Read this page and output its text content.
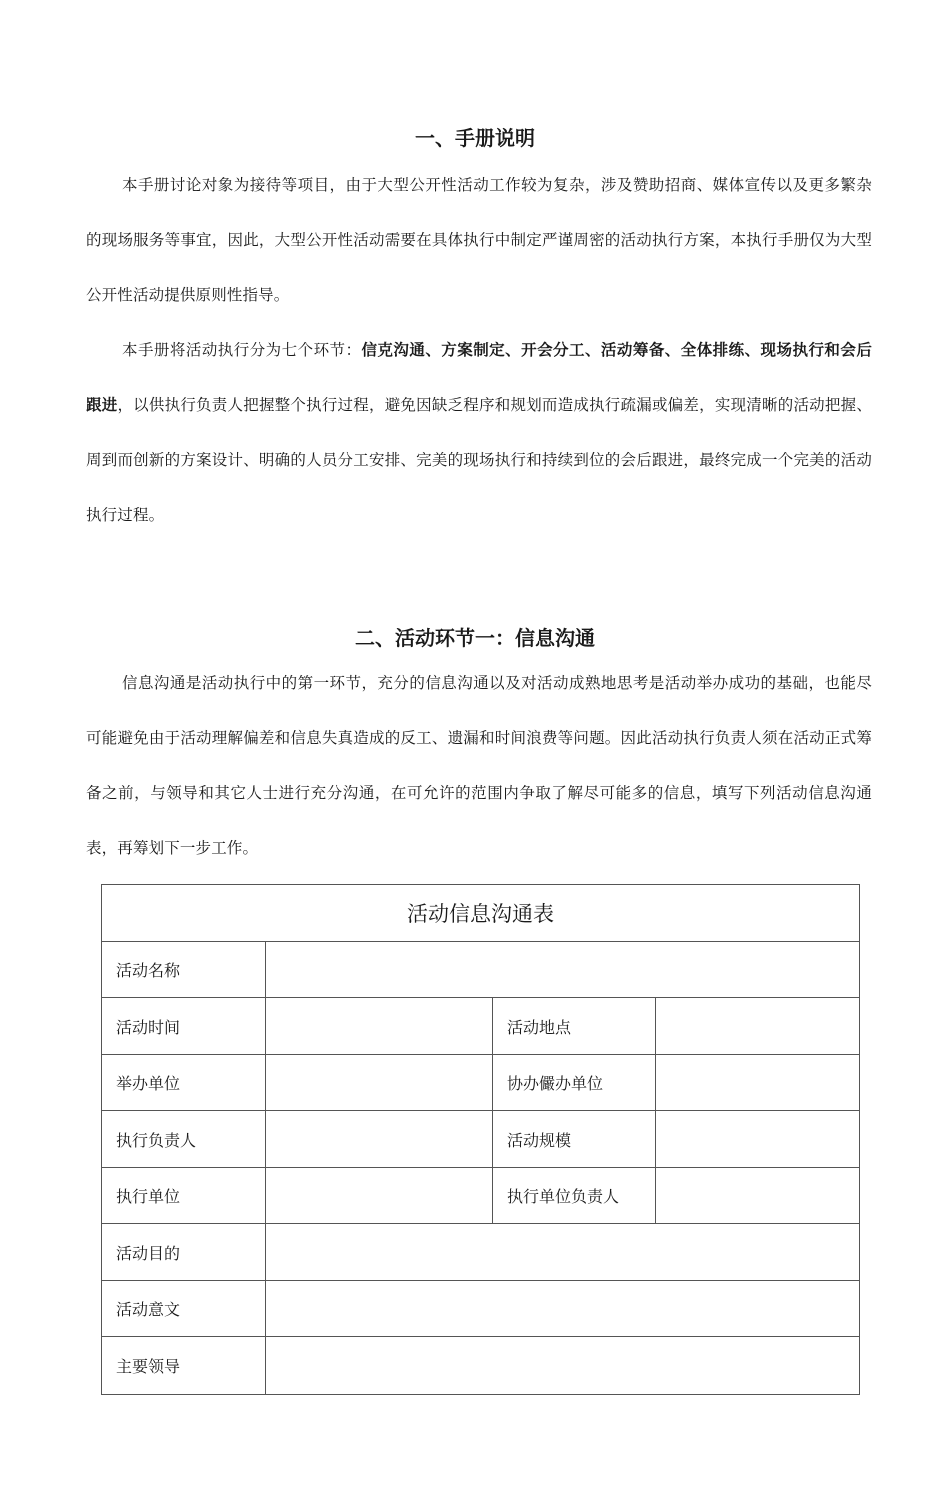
一、手册说明

本手册讨论对象为接待等项目，由于大型公开性活动工作较为复杂，涉及赞助招商、媒体宣传以及更多繁杂的现场服务等事宜，因此，大型公开性活动需要在具体执行中制定严谨周密的活动执行方案，本执行手册仅为大型公开性活动提供原则性指导。

本手册将活动执行分为七个环节：信克沟通、方案制定、开会分工、活动筹备、全体排练、现场执行和会后跟进，以供执行负责人把握整个执行过程，避免因缺乏程序和规划而造成执行疏漏或偏差，实现清晰的活动把握、周到而创新的方案设计、明确的人员分工安排、完美的现场执行和持续到位的会后跟进，最终完成一个完美的活动执行过程。

二、活动环节一：信息沟通

信息沟通是活动执行中的第一环节，充分的信息沟通以及对活动成熟地思考是活动举办成功的基础，也能尽可能避免由于活动理解偏差和信息失真造成的反工、遗漏和时间浪费等问题。因此活动执行负责人须在活动正式筹备之前，与领导和其它人士进行充分沟通，在可允许的范围内争取了解尽可能多的信息，填写下列活动信息沟通表，再筹划下一步工作。

活动信息沟通表			
活动名称			
活动时间		活动地点	
举办单位		协办儼办单位	
执行负责人		活动规模	
执行单位		执行单位负责人	
活动目的			
活动意文			
主要领导			
